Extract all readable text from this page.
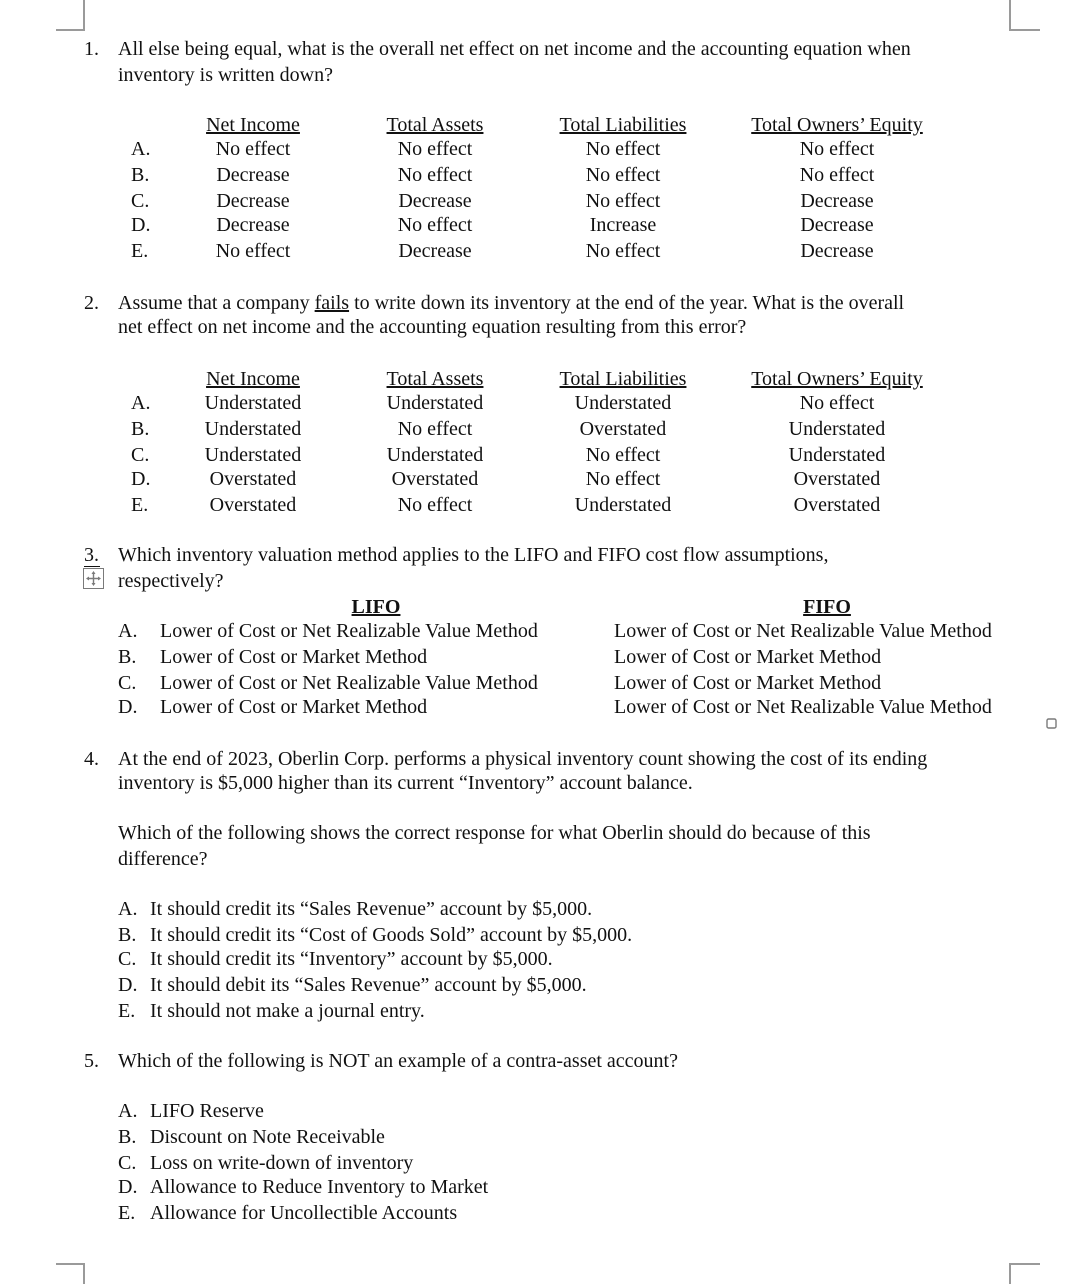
1. All else being equal, what is the overall net effect on net income and the accounting equation when
inventory is written down?
Net Income	Total Assets	Total Liabilities	Total Owners’ Equity
A.	No effect	No effect	No effect	No effect
B.	Decrease	No effect	No effect	No effect
C.	Decrease	Decrease	No effect	Decrease
D.	Decrease	No effect	Increase	Decrease
E.	No effect	Decrease	No effect	Decrease
2. Assume that a company fails to write down its inventory at the end of the year. What is the overall
net effect on net income and the accounting equation resulting from this error?
Net Income	Total Assets	Total Liabilities	Total Owners’ Equity
A.	Understated	Understated	Understated	No effect
B.	Understated	No effect	Overstated	Understated
C.	Understated	Understated	No effect	Understated
D.	Overstated	Overstated	No effect	Overstated
E.	Overstated	No effect	Understated	Overstated
3. Which inventory valuation method applies to the LIFO and FIFO cost flow assumptions,
respectively?
LIFO	FIFO
A. Lower of Cost or Net Realizable Value Method	Lower of Cost or Net Realizable Value Method
B. Lower of Cost or Market Method	Lower of Cost or Market Method
C. Lower of Cost or Net Realizable Value Method	Lower of Cost or Market Method
D. Lower of Cost or Market Method	Lower of Cost or Net Realizable Value Method
4. At the end of 2023, Oberlin Corp. performs a physical inventory count showing the cost of its ending
inventory is $5,000 higher than its current “Inventory” account balance.
Which of the following shows the correct response for what Oberlin should do because of this
difference?
A. It should credit its “Sales Revenue” account by $5,000.
B. It should credit its “Cost of Goods Sold” account by $5,000.
C. It should credit its “Inventory” account by $5,000.
D. It should debit its “Sales Revenue” account by $5,000.
E. It should not make a journal entry.
5. Which of the following is NOT an example of a contra-asset account?
A. LIFO Reserve
B. Discount on Note Receivable
C. Loss on write-down of inventory
D. Allowance to Reduce Inventory to Market
E. Allowance for Uncollectible Accounts
